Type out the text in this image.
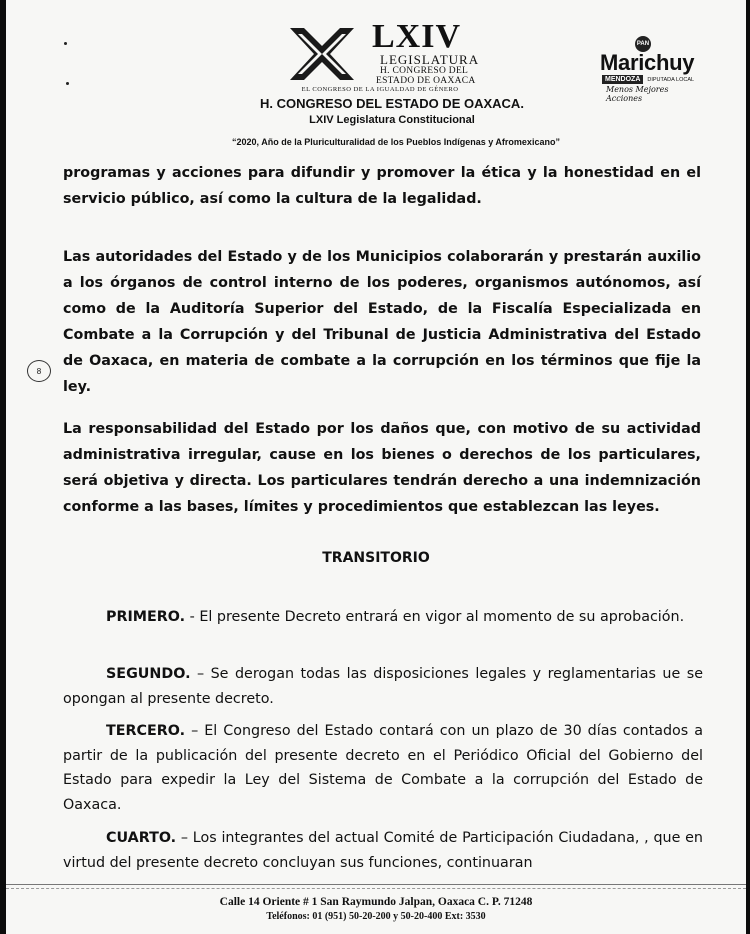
LXIV
LEGISLATURA
H. CONGRESO DEL
ESTADO DE OAXACA
EL CONGRESO DE LA IGUALDAD DE GÉNERO
PAN
Marichuy
MENDOZA	DIPUTADA LOCAL
Menos Mejores Acciones
H. CONGRESO DEL ESTADO DE OAXACA.
LXIV Legislatura Constitucional
“2020, Año de la Pluriculturalidad de los Pueblos Indígenas y Afromexicano”

programas y acciones para difundir y promover la ética y la honestidad en el servicio público, así como la cultura de la legalidad.

Las autoridades del Estado y de los Municipios colaborarán y prestarán auxilio a los órganos de control interno de los poderes, organismos autónomos, así como de la Auditoría Superior del Estado, de la Fiscalía Especializada en Combate a la Corrupción y del Tribunal de Justicia Administrativa del Estado de Oaxaca, en materia de combate a la corrupción en los términos que fije la ley.

8

La responsabilidad del Estado por los daños que, con motivo de su actividad administrativa irregular, cause en los bienes o derechos de los particulares, será objetiva y directa. Los particulares tendrán derecho a una indemnización conforme a las bases, límites y procedimientos que establezcan las leyes.

TRANSITORIO

PRIMERO. - El presente Decreto entrará en vigor al momento de su aprobación.

SEGUNDO. – Se derogan todas las disposiciones legales y reglamentarias ue se opongan al presente decreto.

TERCERO. – El Congreso del Estado contará con un plazo de 30 días contados a partir de la publicación del presente decreto en el Periódico Oficial del Gobierno del Estado para expedir la Ley del Sistema de Combate a la corrupción del Estado de Oaxaca.

CUARTO. – Los integrantes del actual Comité de Participación Ciudadana, , que en virtud del presente decreto concluyan sus funciones, continuaran

Calle 14 Oriente # 1 San Raymundo Jalpan, Oaxaca C. P. 71248
Teléfonos: 01 (951) 50-20-200 y 50-20-400 Ext: 3530
